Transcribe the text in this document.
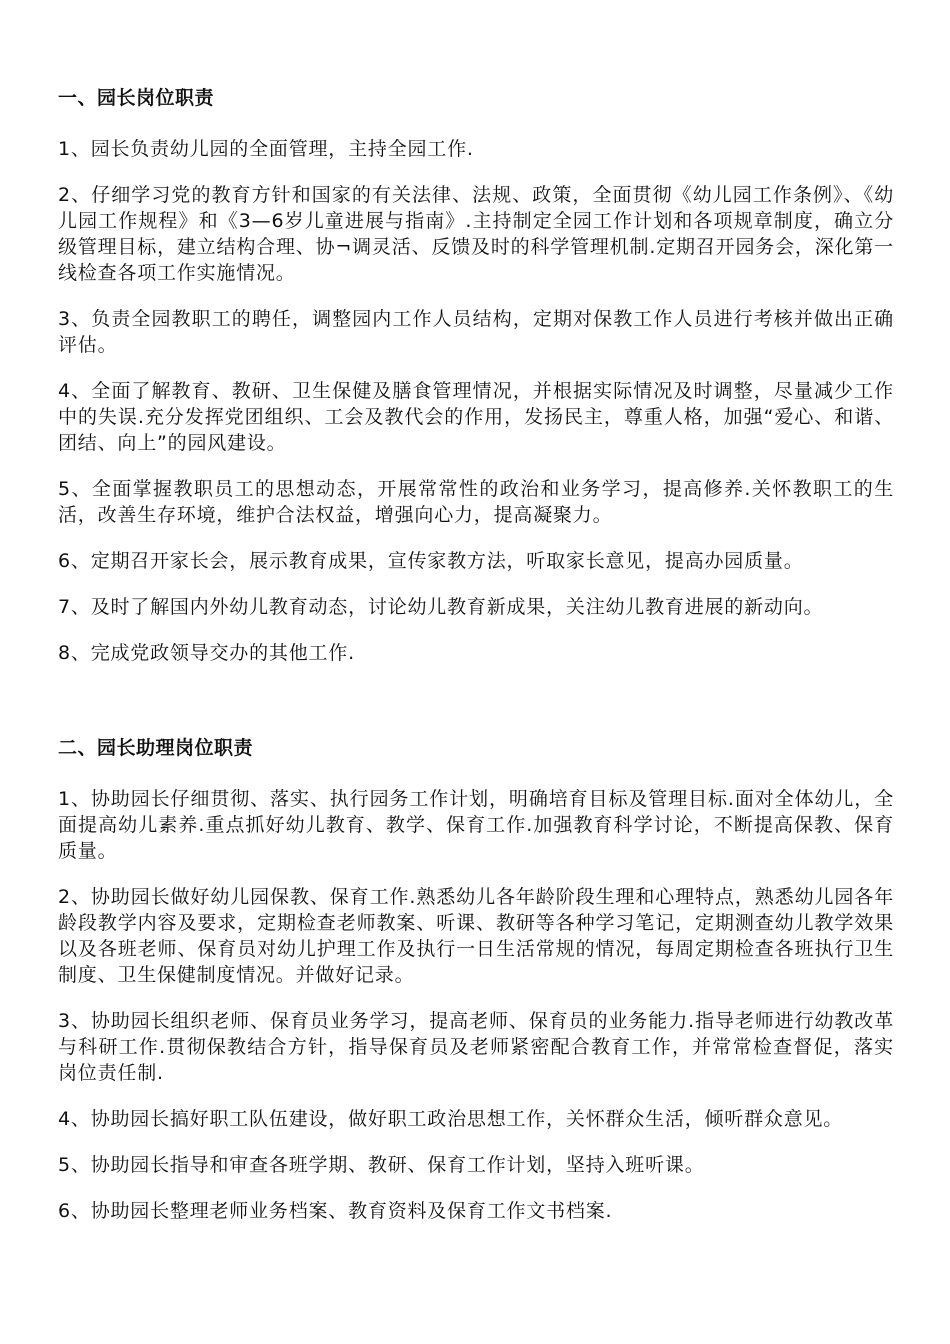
一、园长岗位职责

1、园长负责幼儿园的全面管理，主持全园工作.

2、仔细学习党的教育方针和国家的有关法律、法规、政策，全面贯彻《幼儿园工作条例》、《幼儿园工作规程》和《3—6岁儿童进展与指南》.主持制定全园工作计划和各项规章制度，确立分级管理目标，建立结构合理、协¬调灵活、反馈及时的科学管理机制.定期召开园务会，深化第一线检查各项工作实施情况。

3、负责全园教职工的聘任，调整园内工作人员结构，定期对保教工作人员进行考核并做出正确评估。

4、全面了解教育、教研、卫生保健及膳食管理情况，并根据实际情况及时调整，尽量减少工作中的失误.充分发挥党团组织、工会及教代会的作用，发扬民主，尊重人格，加强“爱心、和谐、团结、向上”的园风建设。

5、全面掌握教职员工的思想动态，开展常常性的政治和业务学习，提高修养.关怀教职工的生活，改善生存环境，维护合法权益，增强向心力，提高凝聚力。

6、定期召开家长会，展示教育成果，宣传家教方法，听取家长意见，提高办园质量。

7、及时了解国内外幼儿教育动态，讨论幼儿教育新成果，关注幼儿教育进展的新动向。

8、完成党政领导交办的其他工作.

二、园长助理岗位职责

1、协助园长仔细贯彻、落实、执行园务工作计划，明确培育目标及管理目标.面对全体幼儿，全面提高幼儿素养.重点抓好幼儿教育、教学、保育工作.加强教育科学讨论，不断提高保教、保育质量。

2、协助园长做好幼儿园保教、保育工作.熟悉幼儿各年龄阶段生理和心理特点，熟悉幼儿园各年龄段教学内容及要求，定期检查老师教案、听课、教研等各种学习笔记，定期测查幼儿教学效果以及各班老师、保育员对幼儿护理工作及执行一日生活常规的情况，每周定期检查各班执行卫生制度、卫生保健制度情况。并做好记录。

3、协助园长组织老师、保育员业务学习，提高老师、保育员的业务能力.指导老师进行幼教改革与科研工作.贯彻保教结合方针，指导保育员及老师紧密配合教育工作，并常常检查督促，落实岗位责任制.

4、协助园长搞好职工队伍建设，做好职工政治思想工作，关怀群众生活，倾听群众意见。

5、协助园长指导和审查各班学期、教研、保育工作计划，坚持入班听课。

6、协助园长整理老师业务档案、教育资料及保育工作文书档案.
